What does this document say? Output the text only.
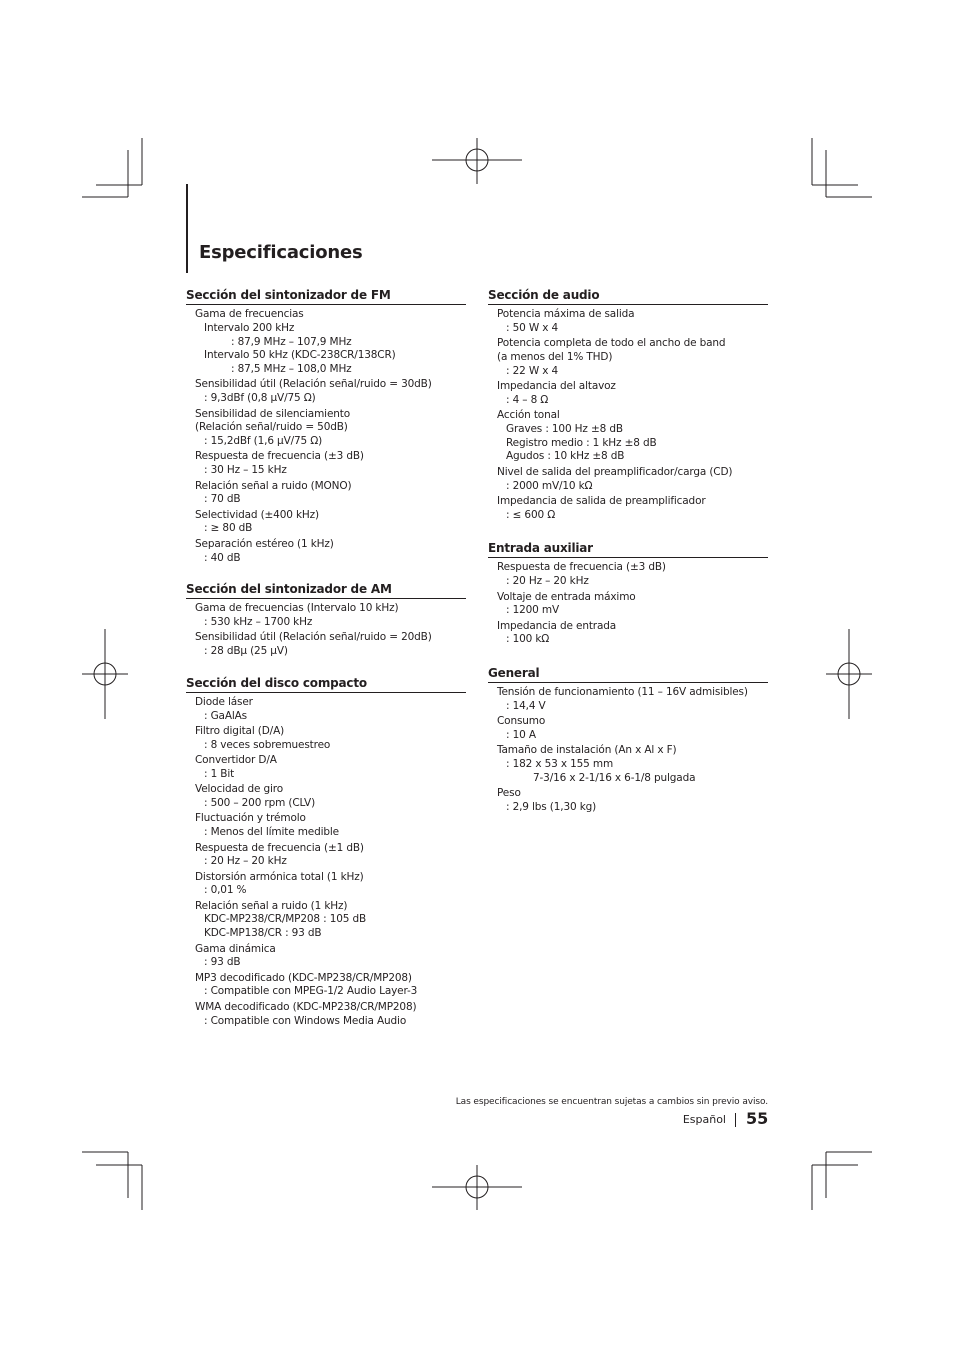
Especificaciones
Sección del sintonizador de FM
Gama de frecuencias
Intervalo 200 kHz
: 87,9 MHz – 107,9 MHz
Intervalo 50 kHz (KDC-238CR/138CR)
: 87,5 MHz – 108,0 MHz
Sensibilidad útil (Relación señal/ruido = 30dB)
: 9,3dBf (0,8 μV/75 Ω)
Sensibilidad de silenciamiento
(Relación señal/ruido = 50dB)
: 15,2dBf (1,6 μV/75 Ω)
Respuesta de frecuencia (±3 dB)
: 30 Hz – 15 kHz
Relación señal a ruido (MONO)
: 70 dB
Selectividad (±400 kHz)
: ≥ 80 dB
Separación estéreo (1 kHz)
: 40 dB
Sección del sintonizador de AM
Gama de frecuencias (Intervalo 10 kHz)
: 530 kHz – 1700 kHz
Sensibilidad útil (Relación señal/ruido = 20dB)
: 28 dBμ (25 μV)
Sección del disco compacto
Diode láser
: GaAlAs
Filtro digital (D/A)
: 8 veces sobremuestreo
Convertidor D/A
: 1 Bit
Velocidad de giro
: 500 – 200 rpm (CLV)
Fluctuación y trémolo
: Menos del límite medible
Respuesta de frecuencia (±1 dB)
: 20 Hz – 20 kHz
Distorsión armónica total (1 kHz)
: 0,01 %
Relación señal a ruido (1 kHz)
KDC-MP238/CR/MP208 : 105 dB
KDC-MP138/CR : 93 dB
Gama dinámica
: 93 dB
MP3 decodificado (KDC-MP238/CR/MP208)
: Compatible con MPEG-1/2 Audio Layer-3
WMA decodificado (KDC-MP238/CR/MP208)
: Compatible con Windows Media Audio
Sección de audio
Potencia máxima de salida
: 50 W x 4
Potencia completa de todo el ancho de band
(a menos del 1% THD)
: 22 W x 4
Impedancia del altavoz
: 4 – 8 Ω
Acción tonal
Graves : 100 Hz ±8 dB
Registro medio : 1 kHz ±8 dB
Agudos : 10 kHz ±8 dB
Nivel de salida del preamplificador/carga (CD)
: 2000 mV/10 kΩ
Impedancia de salida de preamplificador
: ≤ 600 Ω
Entrada auxiliar
Respuesta de frecuencia (±3 dB)
: 20 Hz – 20 kHz
Voltaje de entrada máximo
: 1200 mV
Impedancia de entrada
: 100 kΩ
General
Tensión de funcionamiento (11 – 16V admisibles)
: 14,4 V
Consumo
: 10 A
Tamaño de instalación (An x Al x F)
: 182 x 53 x 155 mm
7-3/16 x 2-1/16 x 6-1/8 pulgada
Peso
: 2,9 lbs (1,30 kg)
Las especificaciones se encuentran sujetas a cambios sin previo aviso.
Español 55
